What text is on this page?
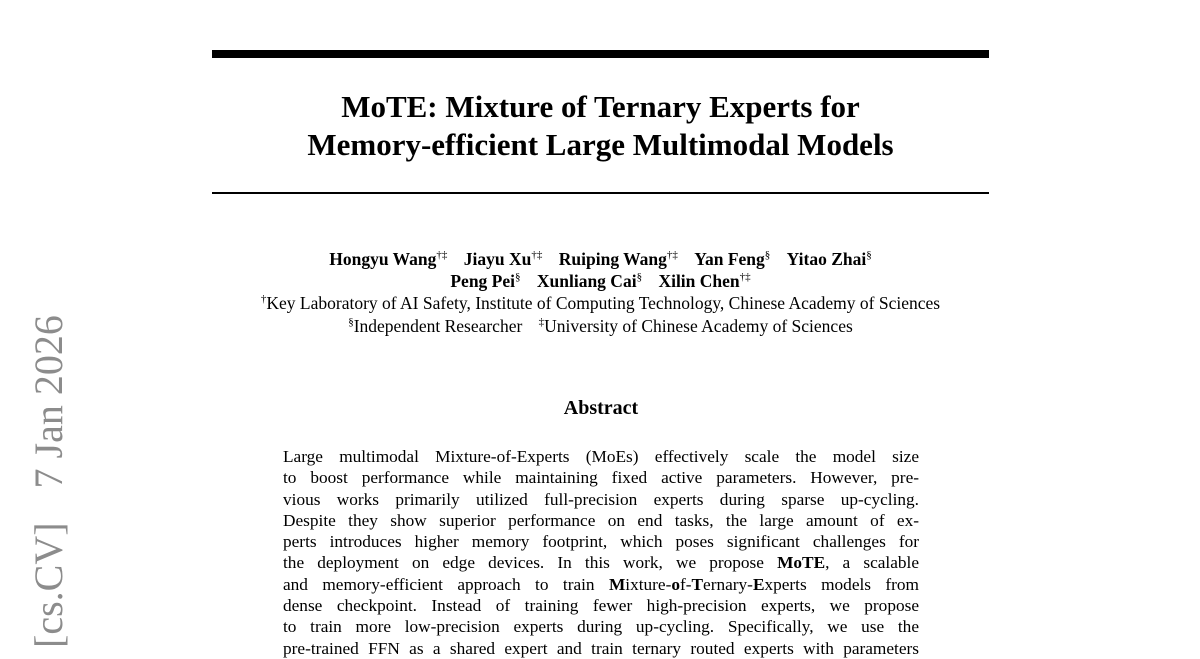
MoTE: Mixture of Ternary Experts for
Memory-efficient Large Multimodal Models
Hongyu Wang†‡ Jiayu Xu†‡ Ruiping Wang†‡ Yan Feng§ Yitao Zhai§
Peng Pei§ Xunliang Cai§ Xilin Chen†‡
†Key Laboratory of AI Safety, Institute of Computing Technology, Chinese Academy of Sciences
§Independent Researcher ‡University of Chinese Academy of Sciences
Abstract
Large multimodal Mixture-of-Experts (MoEs) effectively scale the model size
to boost performance while maintaining fixed active parameters. However, pre-
vious works primarily utilized full-precision experts during sparse up-cycling.
Despite they show superior performance on end tasks, the large amount of ex-
perts introduces higher memory footprint, which poses significant challenges for
the deployment on edge devices. In this work, we propose MoTE, a scalable
and memory-efficient approach to train Mixture-of-Ternary-Experts models from
dense checkpoint. Instead of training fewer high-precision experts, we propose
to train more low-precision experts during up-cycling. Specifically, we use the
pre-trained FFN as a shared expert and train ternary routed experts with parameters
[cs.CV]  7 Jan 2026
